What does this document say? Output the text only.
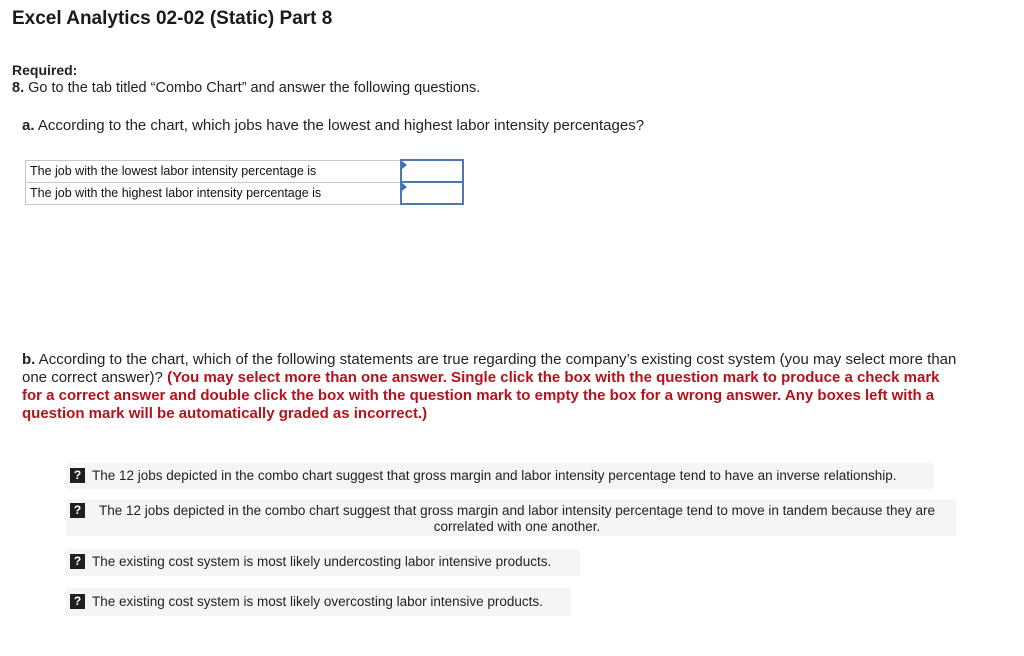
Excel Analytics 02-02 (Static) Part 8
Required:
8. Go to the tab titled “Combo Chart” and answer the following questions.
a. According to the chart, which jobs have the lowest and highest labor intensity percentages?
The job with the lowest labor intensity percentage is	

The job with the highest labor intensity percentage is	
b. According to the chart, which of the following statements are true regarding the company’s existing cost system (you may select more than one correct answer)? (You may select more than one answer. Single click the box with the question mark to produce a check mark for a correct answer and double click the box with the question mark to empty the box for a wrong answer. Any boxes left with a question mark will be automatically graded as incorrect.)
? The 12 jobs depicted in the combo chart suggest that gross margin and labor intensity percentage tend to have an inverse relationship.
?	The 12 jobs depicted in the combo chart suggest that gross margin and labor intensity percentage tend to move in tandem because they are correlated with one another.
? The existing cost system is most likely undercosting labor intensive products.
? The existing cost system is most likely overcosting labor intensive products.
